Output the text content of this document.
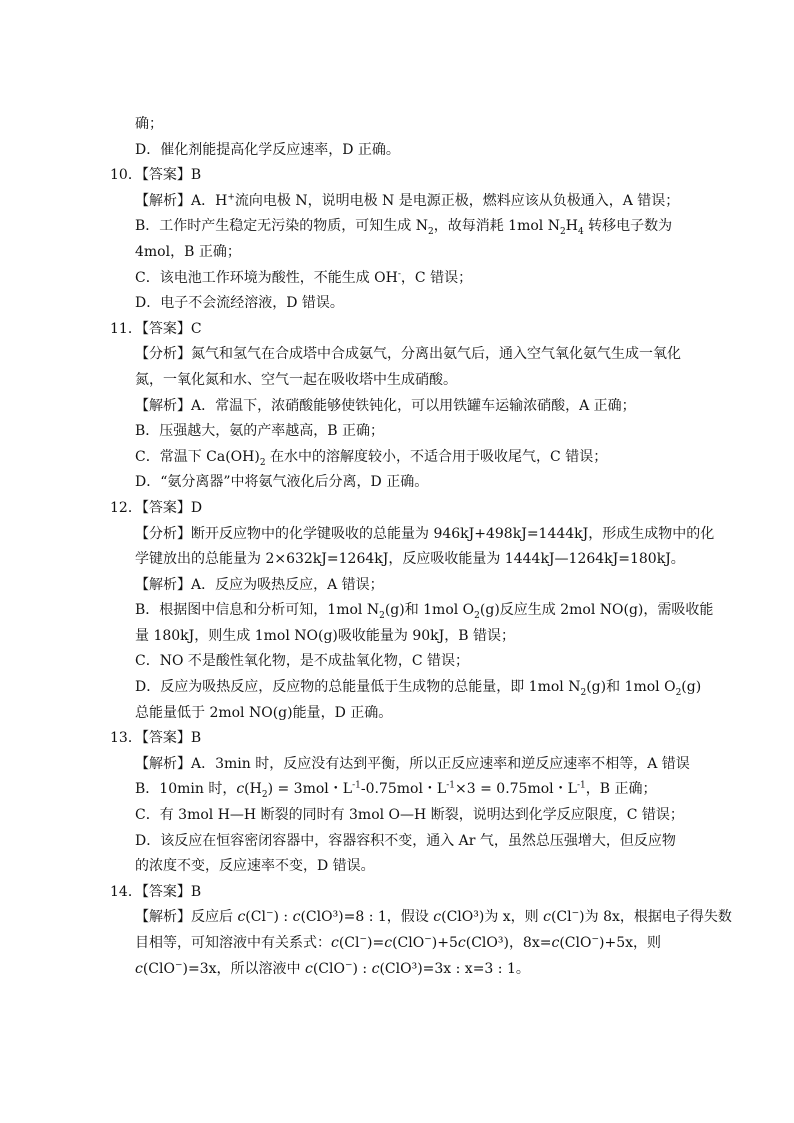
确；
D．催化剂能提高化学反应速率，D 正确。
10．【答案】B
【解析】A．H+流向电极 N，说明电极 N 是电源正极，燃料应该从负极通入，A 错误；
B．工作时产生稳定无污染的物质，可知生成 $N_2$，故每消耗 1mol $N_2H_4$ 转移电子数为
4mol，B 正确；
C．该电池工作环境为酸性，不能生成 OH-，C 错误；
D．电子不会流经溶液，D 错误。
11．【答案】C
【分析】氮气和氢气在合成塔中合成氨气，分离出氨气后，通入空气氧化氨气生成一氧化
氮，一氧化氮和水、空气一起在吸收塔中生成硝酸。
【解析】A．常温下，浓硝酸能够使铁钝化，可以用铁罐车运输浓硝酸，A 正确；
B．压强越大，氨的产率越高，B 正确；
C．常温下 $Ca(OH)_2$ 在水中的溶解度较小，不适合用于吸收尾气，C 错误；
D．“氨分离器”中将氨气液化后分离，D 正确。
12．【答案】D
【分析】断开反应物中的化学键吸收的总能量为 946kJ+498kJ=1444kJ，形成生成物中的化
学键放出的总能量为 2×632kJ=1264kJ，反应吸收能量为 1444kJ—1264kJ=180kJ。
【解析】A．反应为吸热反应，A 错误；
B．根据图中信息和分析可知，1mol $N_2(g)$和 1mol $O_2(g)$反应生成 2mol NO(g)，需吸收能
量 180kJ，则生成 1mol NO(g)吸收能量为 90kJ，B 错误；
C．NO 不是酸性氧化物，是不成盐氧化物，C 错误；
D．反应为吸热反应，反应物的总能量低于生成物的总能量，即 1mol $N_2(g)$和 1mol $O_2(g)$
总能量低于 2mol NO(g)能量，D 正确。
13．【答案】B
【解析】A．3min 时，反应没有达到平衡，所以正反应速率和逆反应速率不相等，A 错误
B．10min 时，$c(H_2) = 3mol$・$L^{-1}-0.75mol$・$L^{-1}\times 3 = 0.75mol$・$L^{-1}$，B 正确；
C．有 3mol H—H 断裂的同时有 3mol O—H 断裂，说明达到化学反应限度，C 错误；
D．该反应在恒容密闭容器中，容器容积不变，通入 Ar 气，虽然总压强增大，但反应物
的浓度不变，反应速率不变，D 错误。
14．【答案】B
【解析】反应后 c(Cl−) : c(ClO³)=8 : 1，假设 c(ClO³)为 x，则 c(Cl−)为 8x，根据电子得失数
目相等，可知溶液中有关系式：c(Cl−)=c(ClO−)+5c(ClO³)，8x=c(ClO−)+5x，则
c(ClO−)=3x，所以溶液中 c(ClO−) : c(ClO³)=3x : x=3 : 1。
